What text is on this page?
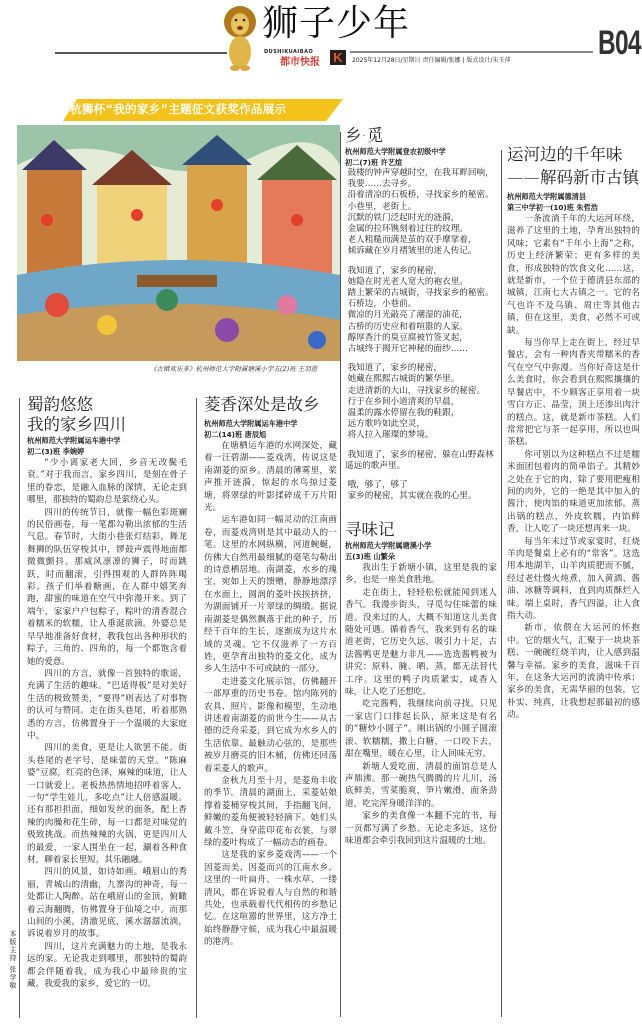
狮子少年
DUSHIKUAIBAO
都市快报 K	2025年12月28日/星期日 责任编辑/张娜 | 版式设计/朱玉萍	B04
杭狮杯“我的家乡”主题征文获奖作品展示
《古镇欢乐多》杭州师范大学附属塘溪小学五(2)班 王羽恩
本版主持 张学敏
蜀韵悠悠
我的家乡四川
杭州师范大学附属运车港中学
初二(3)班 李婉婷

“少小离家老大回，乡音无改鬓毛衰。”对于我而言，家乡四川，是刻在骨子里的眷恋，是融入血脉的深情，无论走到哪里，那独特的蜀韵总是萦绕心头。

四川的传统节日，就像一幅色彩斑斓的民俗画卷，每一笔都勾勒出浓郁的生活气息。春节时，大街小巷张灯结彩，舞龙舞狮的队伍穿梭其中，锣鼓声震得地面都微微颤抖。那威风凛凛的狮子，时而跳跃，时而翻滚，引得围观的人群阵阵喝彩。孩子们举着糖画，在人群中嬉笑奔跑，甜蜜的味道在空气中弥漫开来。到了端午，家家户户包粽子，粽叶的清香混合着糯米的软糯，让人垂涎欲滴。外婆总是早早地准备好食材，教我包出各种形状的粽子，三角的、四角的，每一个都饱含着她的爱意。

四川的方言，就像一首独特的歌谣，充满了生活的趣味。“巴适得板”是对美好生活的极致赞美，“要得”则表达了对事物的认可与赞同。走在街头巷尾，听着那熟悉的方言，仿佛置身于一个温暖的大家庭中。

四川的美食，更是让人欲罢不能。街头巷尾的老字号，是味蕾的天堂。“陈麻婆”豆腐，红亮的色泽，麻辣的味道，让人一口就爱上。老板热热情地招呼着客人，一句“学生娃儿，多吃点”让人倍感温暖。还有那担担面，细如发丝的面条，配上香辣的肉臊和花生碎，每一口都是对味觉的极致挑战。而热辣辣的火锅，更是四川人的最爱，一家人围坐在一起，涮着各种食材，聊着家长里短，其乐融融。

四川的风景，如诗如画。峨眉山的秀丽，青城山的清幽，九寨沟的神奇，每一处都让人陶醉。站在峨眉山的金顶，俯瞰着云海翻腾，仿佛置身于仙境之中。而那山间的小溪，清澈见底，溪水潺潺流淌，诉说着岁月的故事。

四川，这片充满魅力的土地，是我永远的家。无论我走到哪里，那独特的蜀韵都会伴随着我，成为我心中最珍贵的宝藏。我爱我的家乡，爱它的一切。

菱香深处是故乡
杭州师范大学附属运车港中学
初二(14)班 唐辰旭

在塘栖运车港的水网深处，藏着一汪碧湖——菱戏湾，传说这是南湖菱的原乡。清晨的薄雾里，桨声推开涟漪，惊起的水鸟掠过菱塘，将翠绿的叶影揉碎成千万片阳光。

运车港如同一幅灵动的江南画卷，而菱戏湾则是其中最动人的一笔。这里的水网纵横，河道蜿蜒，仿佛大自然用最细腻的毫笔勾勒出的诗意栖居地。南湖菱，水乡的瑰宝，宛如上天的馈赠，静静地漂浮在水面上，圆润的菱叶挨挨挤挤，为湖面铺开一片翠绿的绸缎。据说南湖菱是偶然飘落于此的种子，历经千百年的生长，逐渐成为这片水域的灵魂。它不仅滋养了一方百姓，更孕育出独特的菱文化，成为乡人生活中不可或缺的一部分。

走进菱文化展示馆，仿佛翻开一部厚重的历史书卷。馆内陈列的农具、照片、影像和模型，生动地讲述着南湖菱的前世今生——从古德的泛舟采菱，到它成为水乡人的生活依靠。最触动心弦的，是那些被岁月磨亮的旧木桶，仿佛还回荡着采菱人的歌声。

金秋九月至十月，是菱角丰收的季节。清晨的湖面上，采菱姑娘撑着菱桶穿梭其间，手指翻飞间，鲜嫩的菱角便被轻轻摘下。她们头戴斗笠，身穿蓝印花布衣裳，与翠绿的菱叶构成了一幅动态的画卷。

这是我的家乡菱戏湾——一个因菱而美、因菱而兴的江南水乡。这里的一叶扁舟、一株水草、一缕清风，都在诉说着人与自然的和谐共处，也承载着代代相传的乡愁记忆。在这喧嚣的世界里，这方净土始终静静守候，成为我心中最温暖的港湾。

乡·觅
杭州师范大学附属登农初级中学
初二(7)班 许艺煊

鼓楼的钟声穿越时空，在我耳畔回响，

我要……去寻乡。

沿着清凉的石板桥，寻找家乡的秘密。

小巷里，老街上。

沉默的铁门泛起时光的涟漪，

金属的拉环镌刻着过往的纹理。

老人粗糙而满是茧的双手摩挲着，

倾诉藏在岁月褶皱里的迷人传记。

我知道了，家乡的秘密，

她隐在时光老人宽大的袍衣里。

踏上繁荣的古城街，寻找家乡的秘密。

石桥边，小巷前。

微凉的月光敲亮了潮湿的油花，

古桥的历史应和着喧嚣的人家。

醇厚香汁的臭豆腐被竹签叉起，

古城终于揭开它神秘的面纱……

我知道了，家乡的秘密，

她藏在熙熙古城街的繁华里。

走进清新的大山，寻找家乡的秘密。

行于在乡间小道清爽的早晨，

温柔的露水停留在我的鞋跟，

远方歌吟如此空灵，

将人拉入璀璨的梦境。

我知道了，家乡的秘密，躲在山野森林遥远的歌声里。

哦，够了，够了

家乡的秘密，其实就在我的心里。

寻味记
杭州师范大学附属塘溪小学
五(3)班 山繁朵

我出生于新塘小镇，这里是我的家乡，也是一座美食胜地。

走在街上，轻轻松松就能闻到迷人香气。我漫步街头，寻觅勾住味蕾的味道。没来过的人，大概不知道这儿美食随处可遇。循着香气，我来到有名的味道老街，它历史久远，吸引力十足，古法酱鸭更是魅力非凡——选选酱鸭被为讲究：原料、腌、晒、蒸，都无法替代工序。这里的鸭子肉质紧实，咸香入味，让人吃了还想吃。

吃完酱鸭，我继续向前寻找。只见一家店门口排起长队，原来这是有名的“糖炒小圆子”。刚出锅的小圆子圆滚滚、软糯糯，撒上白糖，一口咬下去，甜在嘴里，暖在心里，让人回味无穷。

新塘人爱吃面，清晨的面馆总是人声鼎沸。那一碗热气腾腾的片儿川，汤底鲜美，雪菜脆爽，笋片嫩滑，面条劲道，吃完浑身暖洋洋的。

家乡的美食像一本翻不完的书，每一页都写满了乡愁。无论走多远，这份味道都会牵引我回到这片温暖的土地。

运河边的千年味
——解码新市古镇
杭州师范大学附属德清县
第三中学初一(10)班 朱哲浩

一条流淌千年的大运河环绕，滋养了这里的土地，孕育出独特的风味；它素有“千年小上海”之称，历史上经济繁荣；更有多样的美食，形成独特的饮食文化……这，就是新市，一个位于德清县东部的城镇，江南七大古镇之一。它的名气也许不及乌镇、周庄等其他古镇，但在这里，美食，必然不可或缺。

每当你早上走在街上，经过早餐店，会有一种肉香夹带糯米的香气在空气中弥漫。当你好奇这是什么美食时，你会看到在熙熙攘攘的早餐店中，不少顾客正享用着一块雪白方正、晶莹，顶上还渗出肉汁的糕点。这，就是新市茶糕。人们常常把它与茶一起享用，所以也叫茶糕。

你可别以为这种糕点不过是糯米面团包着肉的简单馅子。其精妙之处在于它的肉，除了要用肥瘦相间的肉外，它的一绝是其中加入的酱汁，使肉馅的味道更加浓郁。蒸出锅的糕点，外皮软糯，内馅鲜香，让人吃了一块还想再来一块。

每当年末过节或家宴时，红烧羊肉是餐桌上必有的“常客”。这选用本地湖羊，山羊肉质肥而不腻，经过老灶慢火炖煮，加入黄酒、酱油、冰糖等调料，直到肉质酥烂入味。端上桌时，香气四溢，让人食指大动。

新市，依偎在大运河的怀抱中。它的烟火气，汇聚于一块块茶糕、一碗碗红烧羊肉，让人感到温馨与幸福。家乡的美食，滋味千百年，在这条大运河的流淌中传承；家乡的美食，无需华丽的包装，它朴实、纯真，让我想起那最初的感动。
